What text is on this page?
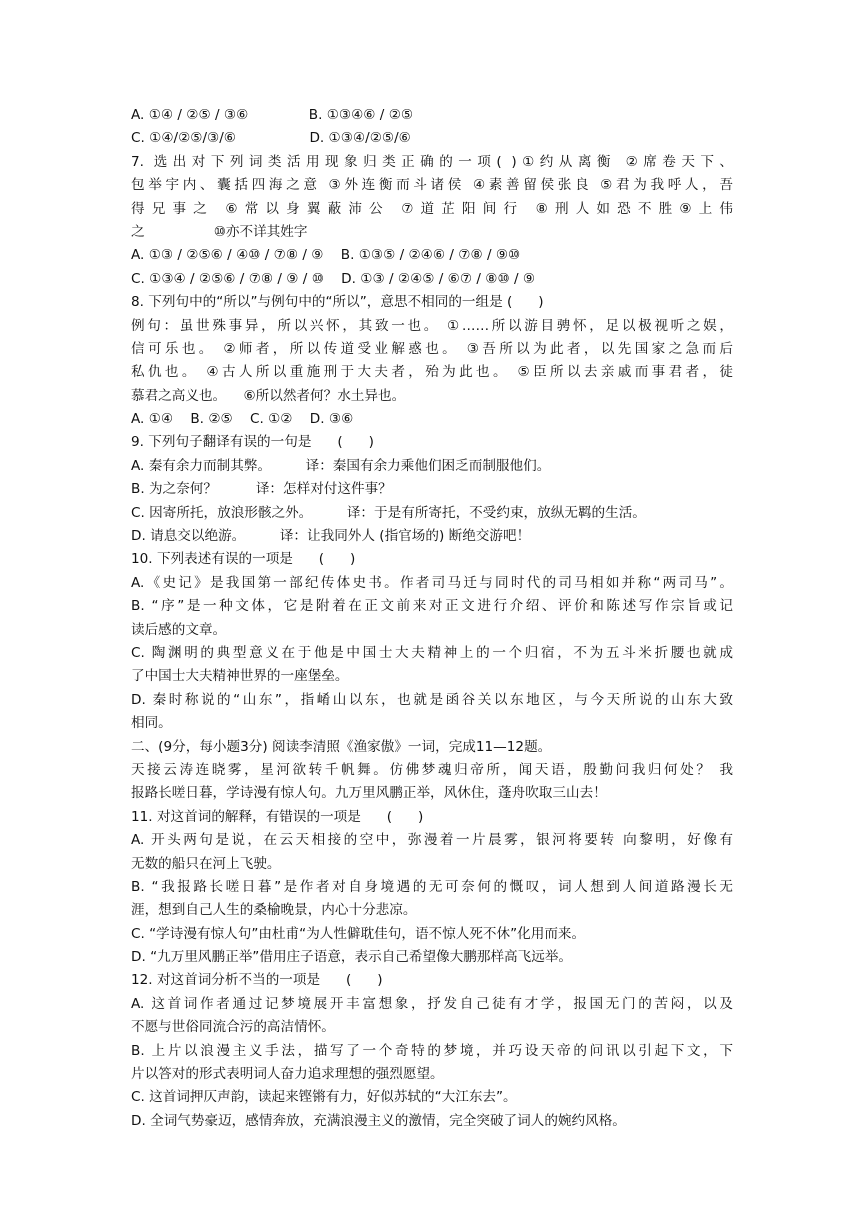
A. ①④ / ②⑤ / ③⑥              B. ①③④⑥ / ②⑤
C. ①④/②⑤/③/⑥                 D. ①③④/②⑤/⑥
7. 选出对下列词类活用现象归类正确的一项( )①约从离衡 ②席卷天下、
包举宇内、囊括四海之意 ③外连衡而斗诸侯 ④素善留侯张良 ⑤君为我呼人，吾
得兄事之 ⑥常以身翼蔽沛公 ⑦道芷阳间行 ⑧刑人如恐不胜⑨上伟
之                ⑩亦不详其姓字
A. ①③ / ②⑤⑥ / ④⑩ / ⑦⑧ / ⑨    B. ①③⑤ / ②④⑥ / ⑦⑧ / ⑨⑩
C. ①③④ / ②⑤⑥ / ⑦⑧ / ⑨ / ⑩    D. ①③ / ②④⑤ / ⑥⑦ / ⑧⑩ / ⑨
8. 下列句中的“所以”与例句中的“所以”，意思不相同的一组是 (      )
例句：虽世殊事异，所以兴怀，其致一也。 ①……所以游目骋怀，足以极视听之娱，
信可乐也。 ②师者，所以传道受业解惑也。 ③吾所以为此者，以先国家之急而后
私仇也。 ④古人所以重施刑于大夫者，殆为此也。 ⑤臣所以去亲戚而事君者，徒
慕君之高义也。    ⑥所以然者何？水土异也。
A. ①④    B. ②⑤    C. ①②    D. ③⑥
9. 下列句子翻译有误的一句是      (      )
A. 秦有余力而制其弊。        译：秦国有余力乘他们困乏而制服他们。
B. 为之奈何？         译：怎样对付这件事？
C. 因寄所托，放浪形骸之外。        译：于是有所寄托，不受约束，放纵无羁的生活。
D. 请息交以绝游。        译：让我同外人 (指官场的) 断绝交游吧！
10. 下列表述有误的一项是      (      )
A.《史记》是我国第一部纪传体史书。作者司马迁与同时代的司马相如并称“两司马”。
B. “序”是一种文体，它是附着在正文前来对正文进行介绍、评价和陈述写作宗旨或记
读后感的文章。
C. 陶渊明的典型意义在于他是中国士大夫精神上的一个归宿，不为五斗米折腰也就成
了中国士大夫精神世界的一座堡垒。
D. 秦时称说的“山东”，指崤山以东，也就是函谷关以东地区，与今天所说的山东大致
相同。
二、(9分，每小题3分) 阅读李清照《渔家傲》一词，完成11—12题。
天接云涛连晓雾，星河欲转千帆舞。仿佛梦魂归帝所，闻天语，殷勤问我归何处？ 我
报路长嗟日暮，学诗漫有惊人句。九万里风鹏正举，风休住，蓬舟吹取三山去！
11. 对这首词的解释，有错误的一项是      (      )
A. 开头两句是说，在云天相接的空中，弥漫着一片晨雾，银河将要转 向黎明，好像有
无数的船只在河上飞驶。
B. “我报路长嗟日暮”是作者对自身境遇的无可奈何的慨叹，词人想到人间道路漫长无
涯，想到自己人生的桑榆晚景，内心十分悲凉。
C. “学诗漫有惊人句”由杜甫“为人性僻耽佳句，语不惊人死不休”化用而来。
D. “九万里风鹏正举”借用庄子语意，表示自己希望像大鹏那样高飞远举。
12. 对这首词分析不当的一项是      (      )
A. 这首词作者通过记梦境展开丰富想象，抒发自己徒有才学，报国无门的苦闷，以及
不愿与世俗同流合污的高洁情怀。
B. 上片以浪漫主义手法，描写了一个奇特的梦境，并巧设天帝的问讯以引起下文，下
片以答对的形式表明词人奋力追求理想的强烈愿望。
C. 这首词押仄声韵，读起来铿锵有力，好似苏轼的“大江东去”。
D. 全词气势豪迈，感情奔放，充满浪漫主义的激情，完全突破了词人的婉约风格。
